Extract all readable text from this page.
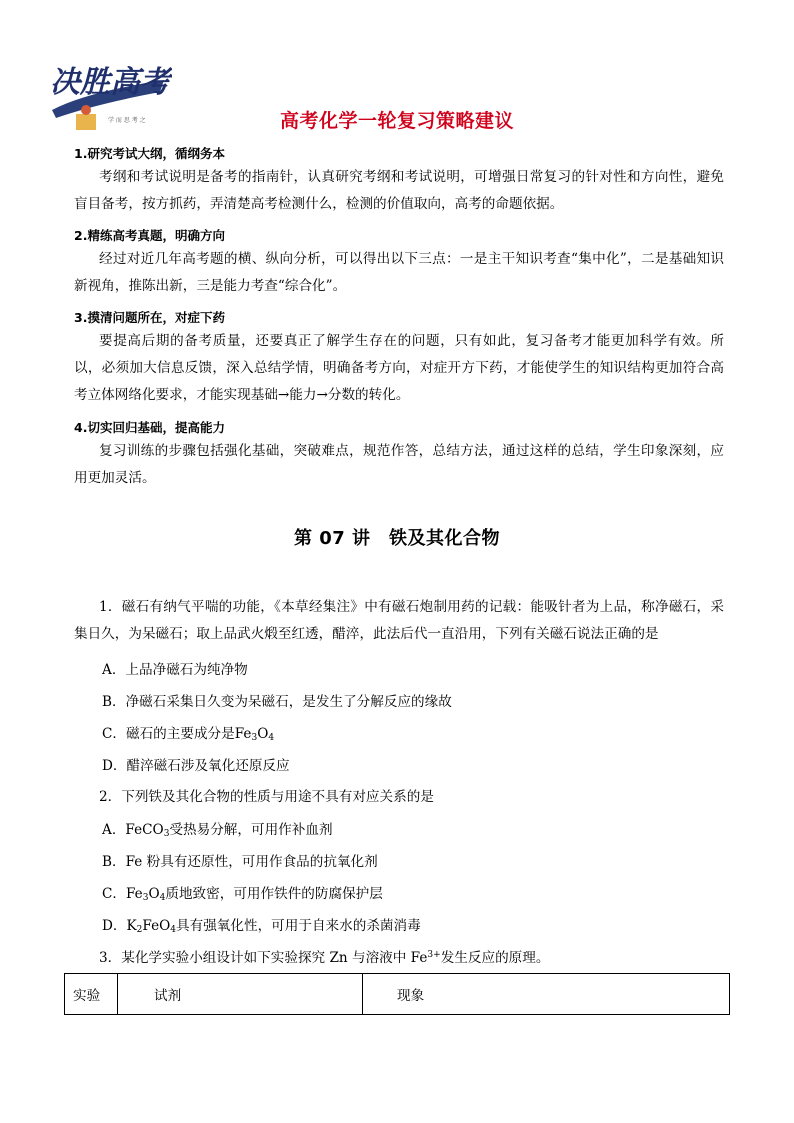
决胜高考
学 而 思 考 之	高考化学一轮复习策略建议
1.研究考试大纲，循纲务本
考纲和考试说明是备考的指南针，认真研究考纲和考试说明，可增强日常复习的针对性和方向性，避免盲目备考，按方抓药，弄清楚高考检测什么，检测的价值取向，高考的命题依据。
2.精练高考真题，明确方向
经过对近几年高考题的横、纵向分析，可以得出以下三点：一是主干知识考查“集中化”，二是基础知识新视角，推陈出新，三是能力考查“综合化”。
3.摸清问题所在，对症下药
要提高后期的备考质量，还要真正了解学生存在的问题，只有如此，复习备考才能更加科学有效。所以，必须加大信息反馈，深入总结学情，明确备考方向，对症开方下药，才能使学生的知识结构更加符合高考立体网络化要求，才能实现基础→能力→分数的转化。
4.切实回归基础，提高能力
复习训练的步骤包括强化基础，突破难点，规范作答，总结方法，通过这样的总结，学生印象深刻，应用更加灵活。
第 07 讲　铁及其化合物
1．磁石有纳气平喘的功能，《本草经集注》中有磁石炮制用药的记载：能吸针者为上品，称净磁石，采集日久，为呆磁石；取上品武火煅至红透，醋淬，此法后代一直沿用，下列有关磁石说法正确的是
A．上品净磁石为纯净物
B．净磁石采集日久变为呆磁石，是发生了分解反应的缘故
C．磁石的主要成分是$Fe_3O_4$
D．醋淬磁石涉及氧化还原反应
2．下列铁及其化合物的性质与用途不具有对应关系的是
A．FeCO$_3$受热易分解，可用作补血剂
B．Fe 粉具有还原性，可用作食品的抗氧化剂
C．$Fe_3O_4$质地致密，可用作铁件的防腐保护层
D．$K_2FeO_4$具有强氧化性，可用于自来水的杀菌消毒
3．某化学实验小组设计如下实验探究 Zn 与溶液中 $Fe^{3+}$发生反应的原理。
实验	试剂	现象
